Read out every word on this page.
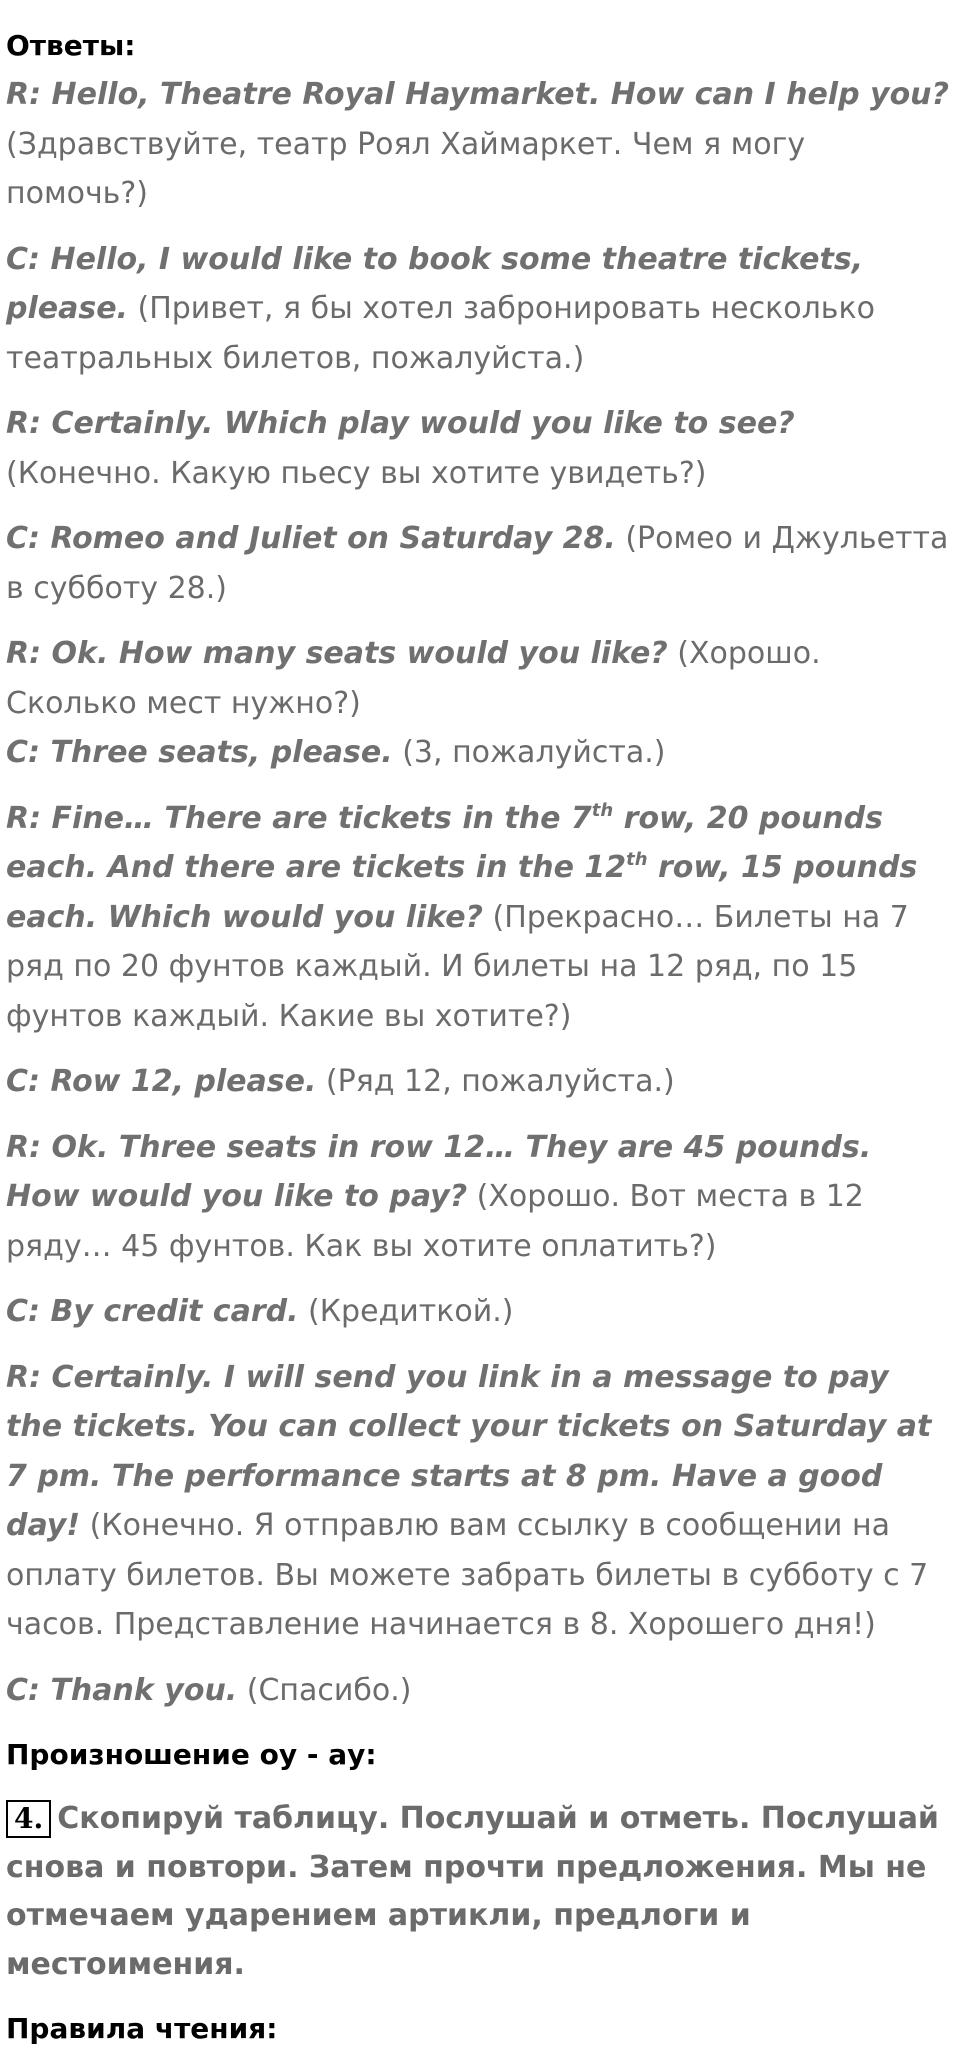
Ответы:

R: Hello, Theatre Royal Haymarket. How can I help you? (Здравствуйте, театр Роял Хаймаркет. Чем я могу помочь?)

C: Hello, I would like to book some theatre tickets, please. (Привет, я бы хотел забронировать несколько театральных билетов, пожалуйста.)

R: Certainly. Which play would you like to see? (Конечно. Какую пьесу вы хотите увидеть?)

C: Romeo and Juliet on Saturday 28. (Ромео и Джульетта в субботу 28.)

R: Ok. How many seats would you like? (Хорошо. Сколько мест нужно?)

C: Three seats, please. (3, пожалуйста.)

R: Fine… There are tickets in the 7th row, 20 pounds each. And there are tickets in the 12th row, 15 pounds each. Which would you like? (Прекрасно… Билеты на 7 ряд по 20 фунтов каждый. И билеты на 12 ряд, по 15 фунтов каждый. Какие вы хотите?)

C: Row 12, please. (Ряд 12, пожалуйста.)

R: Ok. Three seats in row 12… They are 45 pounds. How would you like to pay? (Хорошо. Вот места в 12 ряду… 45 фунтов. Как вы хотите оплатить?)

C: By credit card. (Кредиткой.)

R: Certainly. I will send you link in a message to pay the tickets. You can collect your tickets on Saturday at 7 pm. The performance starts at 8 pm. Have a good day! (Конечно. Я отправлю вам ссылку в сообщении на оплату билетов. Вы можете забрать билеты в субботу с 7 часов. Представление начинается в 8. Хорошего дня!)

C: Thank you. (Спасибо.)

Произношение оу - ау:

4. Скопируй таблицу. Послушай и отметь. Послушай снова и повтори. Затем прочти предложения. Мы не отмечаем ударением артикли, предлоги и местоимения.

Правила чтения:
